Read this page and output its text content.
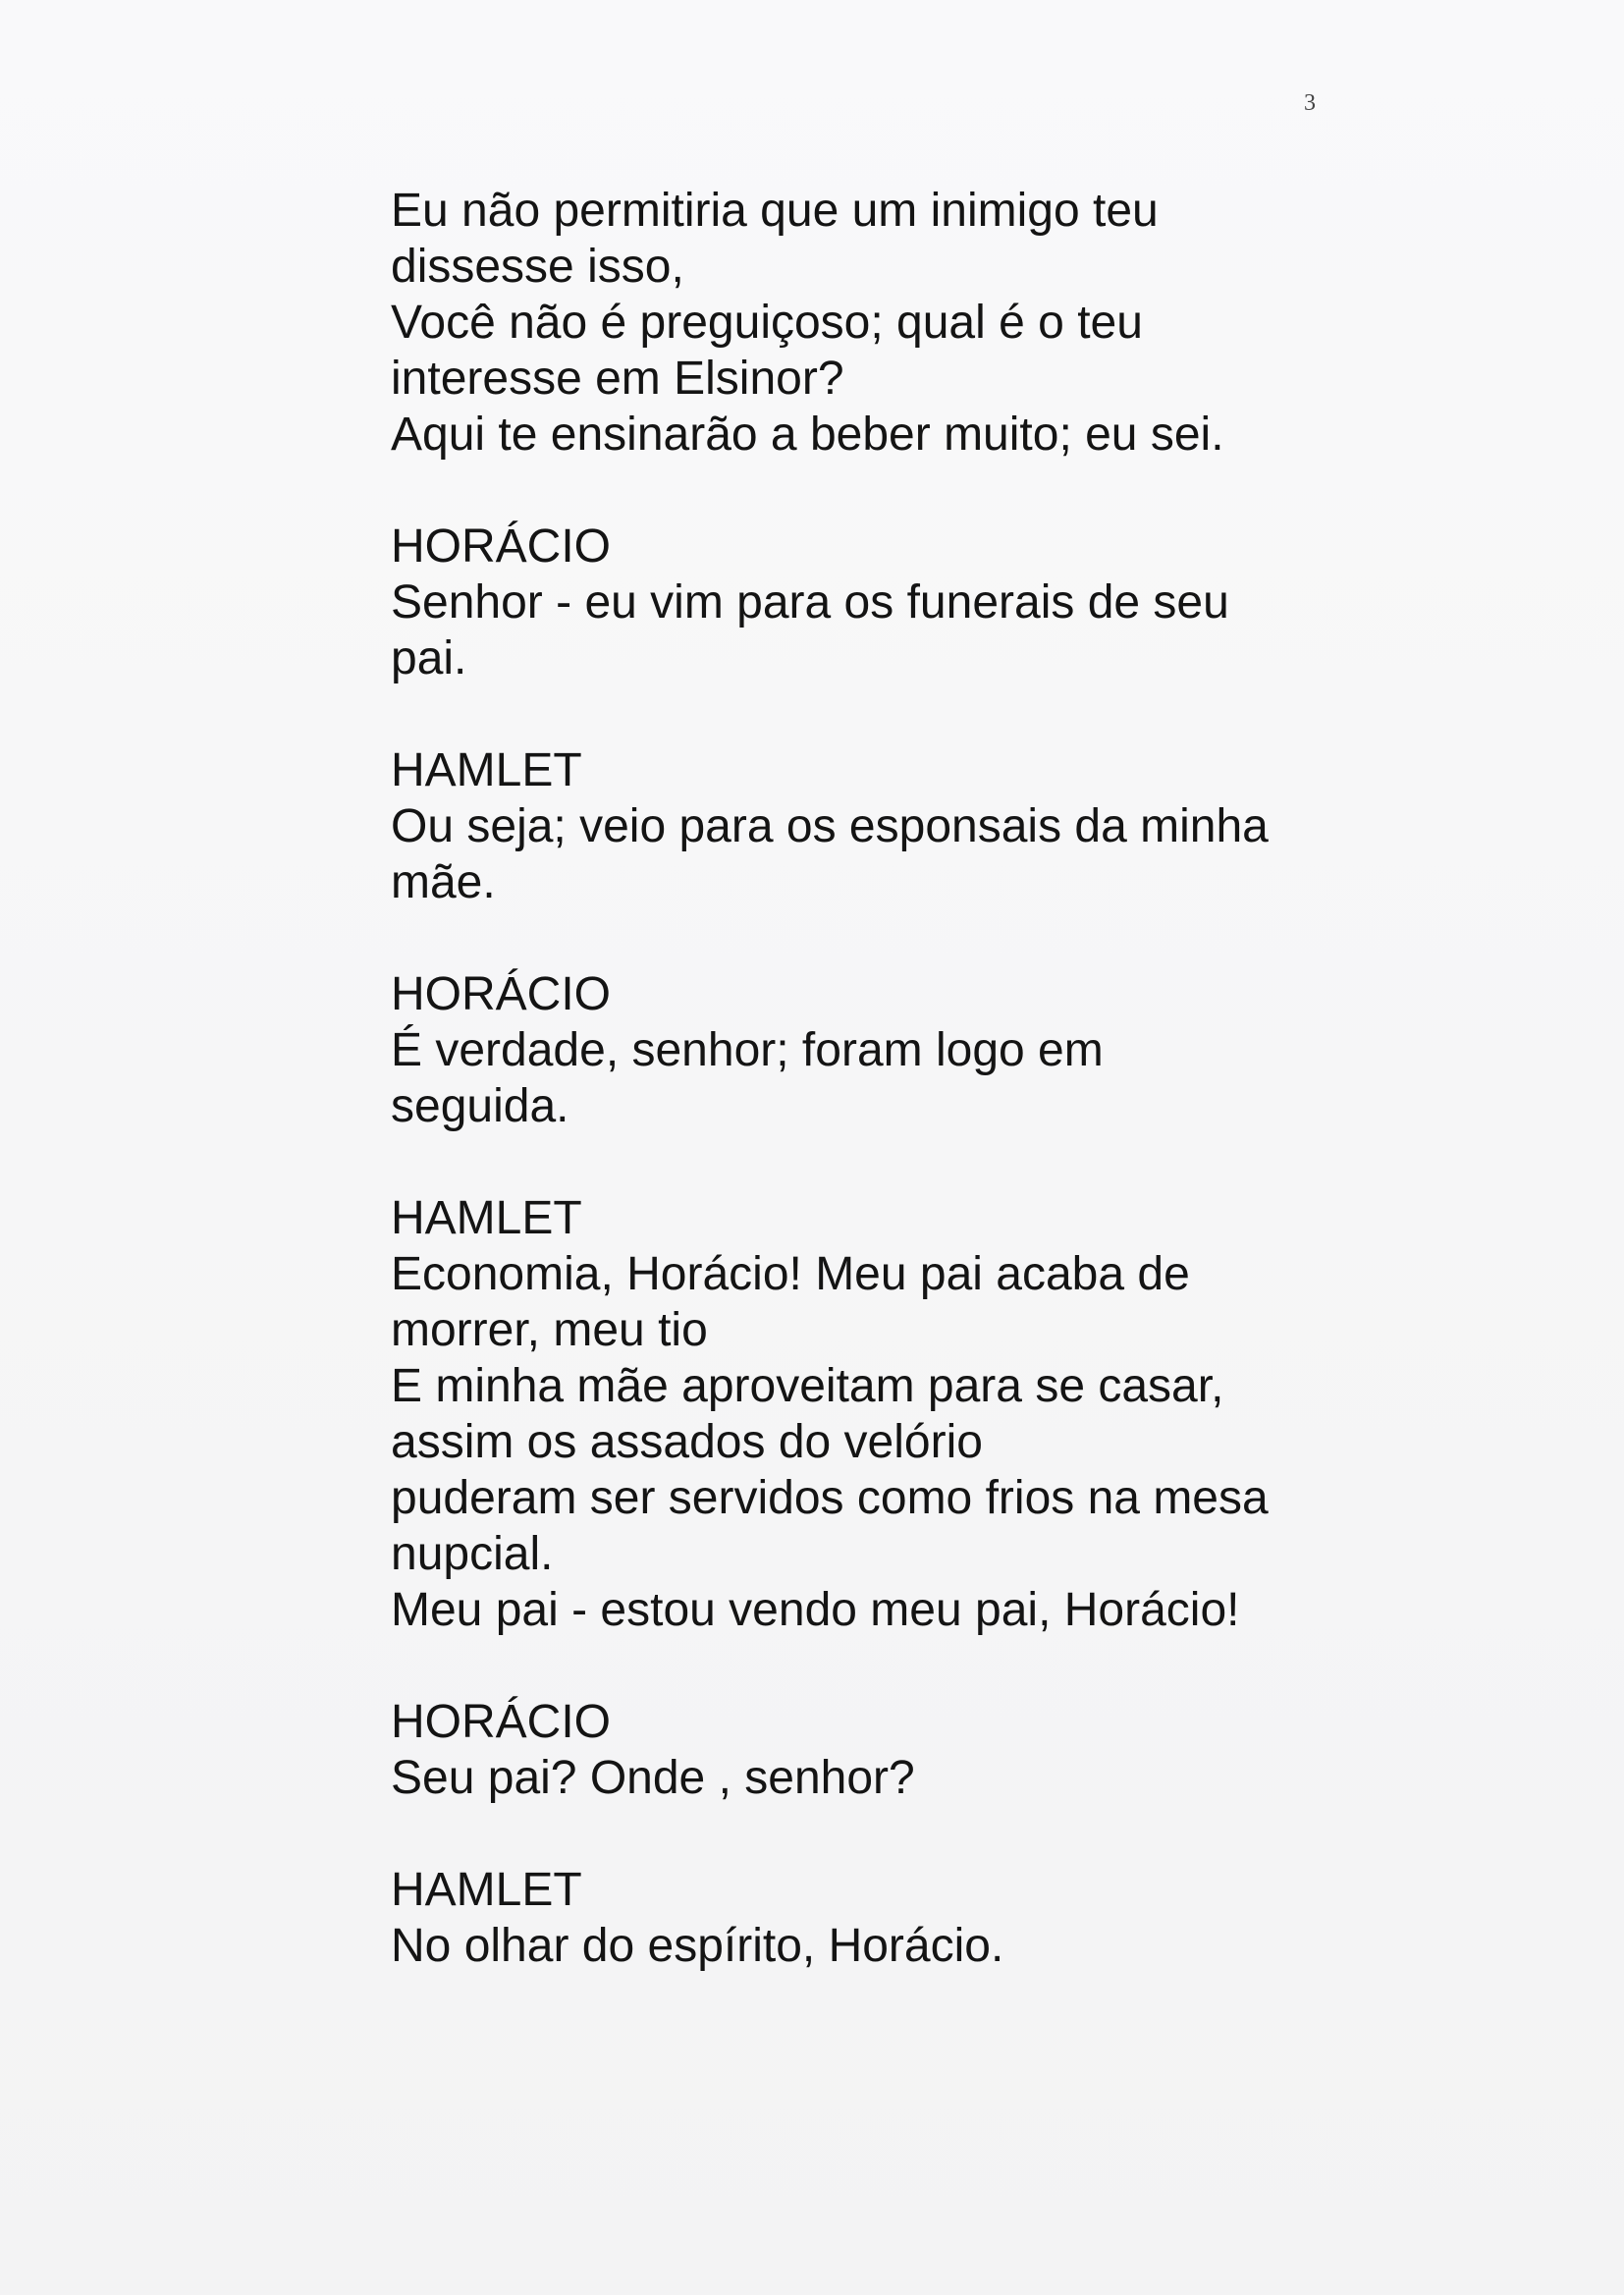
3
Eu não permitiria que um inimigo teu
dissesse isso,
Você não é preguiçoso; qual é o teu
interesse em Elsinor?
Aqui te ensinarão a beber muito; eu sei.
HORÁCIO
Senhor - eu vim para os funerais de seu
pai.
HAMLET
Ou seja; veio para os esponsais da minha
mãe.
HORÁCIO
É verdade, senhor; foram logo em
seguida.
HAMLET
Economia, Horácio! Meu pai acaba de
morrer, meu tio
E minha mãe aproveitam para se casar,
assim os assados do velório
puderam ser servidos como frios na mesa
nupcial.
Meu pai - estou vendo meu pai, Horácio!
HORÁCIO
Seu pai? Onde , senhor?
HAMLET
No olhar do espírito, Horácio.
